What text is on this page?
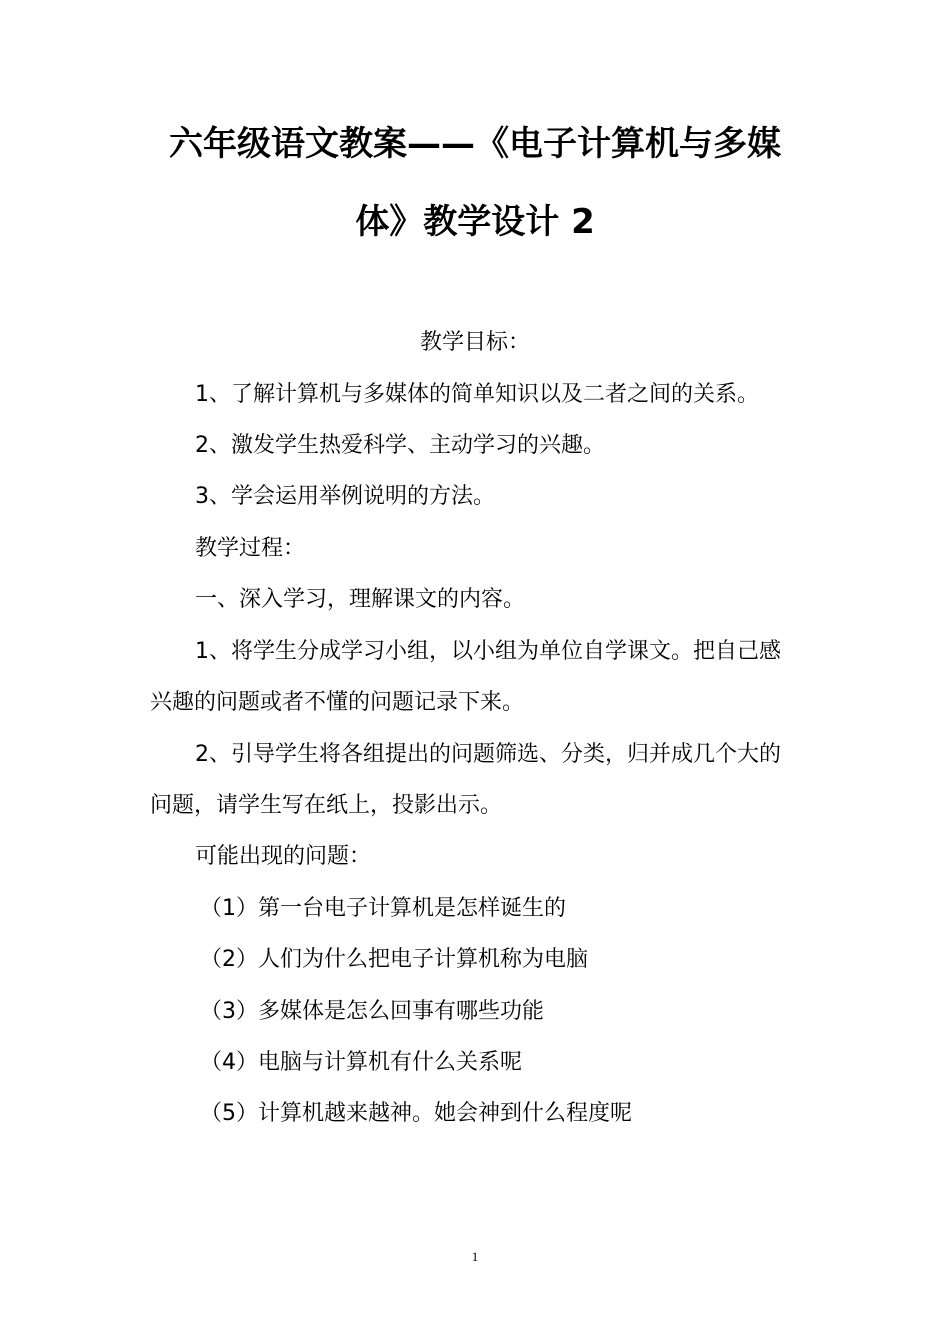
六年级语文教案——《电子计算机与多媒
体》教学设计 2
教学目标：
1、了解计算机与多媒体的简单知识以及二者之间的关系。
2、激发学生热爱科学、主动学习的兴趣。
3、学会运用举例说明的方法。
教学过程：
一、深入学习，理解课文的内容。
1、将学生分成学习小组，以小组为单位自学课文。把自己感
兴趣的问题或者不懂的问题记录下来。
2、引导学生将各组提出的问题筛选、分类，归并成几个大的
问题，请学生写在纸上，投影出示。
可能出现的问题：
（1）第一台电子计算机是怎样诞生的
（2）人们为什么把电子计算机称为电脑
（3）多媒体是怎么回事有哪些功能
（4）电脑与计算机有什么关系呢
（5）计算机越来越神。她会神到什么程度呢
1
